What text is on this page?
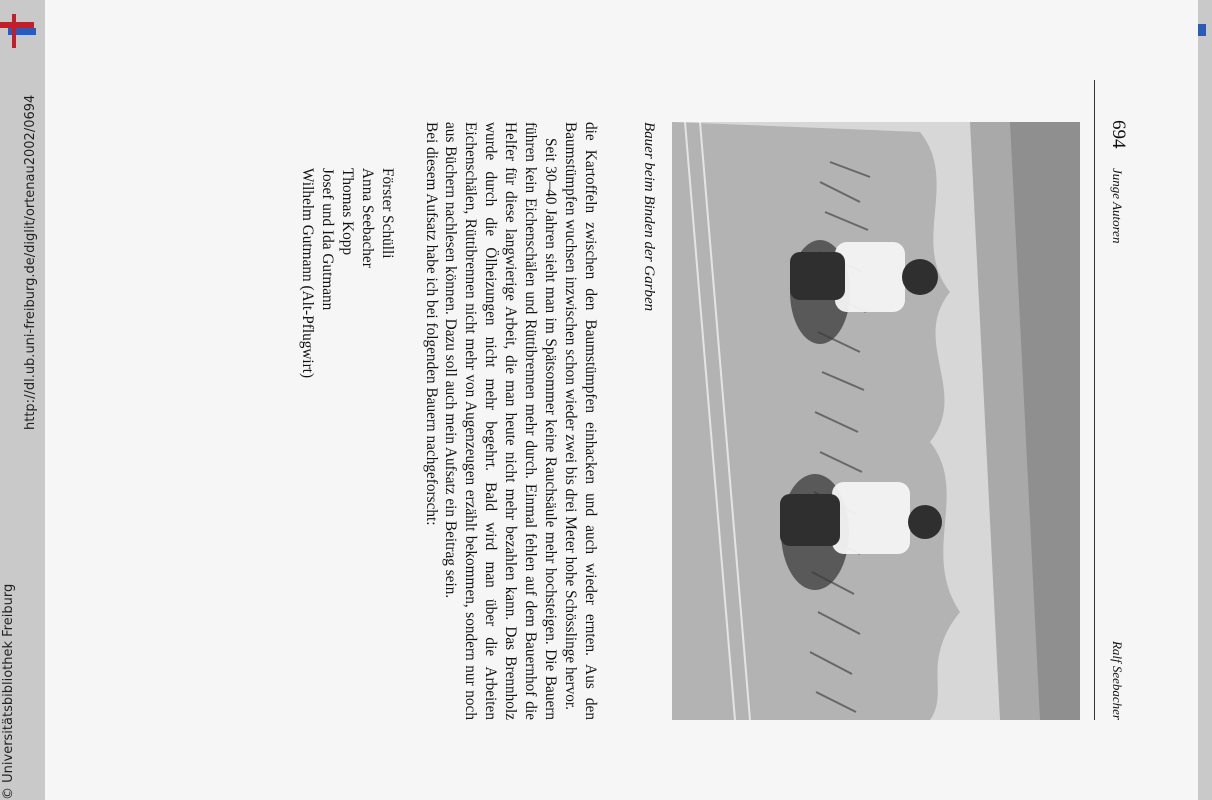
http://dl.ub.uni-freiburg.de/diglit/ortenau2002/0694
© Universitätsbibliothek Freiburg
694
Junge Autoren
Ralf Seebacher
Bauer beim Binden der Garben

die Kartoffeln zwischen den Baumstümpfen einhacken und auch wieder ernten. Aus den Baumstümpfen wuchsen inzwischen schon wieder zwei bis drei Meter hohe Schösslinge hervor.

Seit 30–40 Jahren sieht man im Spätsommer keine Rauchsäule mehr hochsteigen. Die Bauern führen kein Eichenschälen und Rüttibrennen mehr durch. Einmal fehlen auf dem Bauernhof die Helfer für diese langwierige Arbeit, die man heute nicht mehr bezahlen kann. Das Brennholz wurde durch die Ölheizungen nicht mehr begehrt. Bald wird man über die Arbeiten Eichenschälen, Rüttibrennen nicht mehr von Augenzeugen erzählt bekommen, sondern nur noch aus Büchern nachlesen können. Dazu soll auch mein Aufsatz ein Beitrag sein.

Bei diesem Aufsatz habe ich bei folgenden Bauern nachgeforscht:
Förster Schülli
Anna Seebacher
Thomas Kopp
Josef und Ida Gutmann
Wilhelm Gutmann (Alt-Pflugwirt)
